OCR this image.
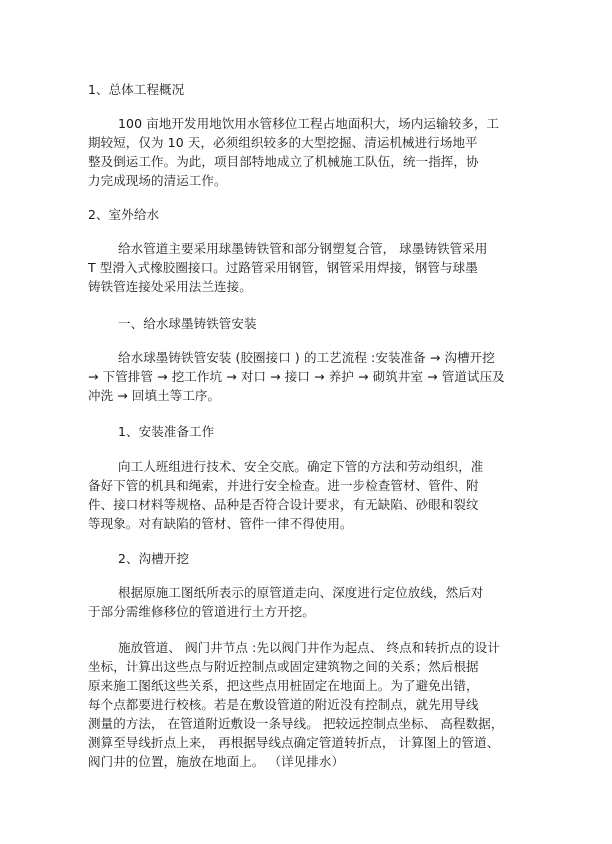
1、总体工程概况

100 亩地开发用地饮用水管移位工程占地面积大，场内运输较多，工

期较短，仅为 10 天，必须组织较多的大型挖掘、清运机械进行场地平

整及倒运工作。为此，项目部特地成立了机械施工队伍，统一指挥，协

力完成现场的清运工作。

2、室外给水

给水管道主要采用球墨铸铁管和部分钢塑复合管， 球墨铸铁管采用

T 型滑入式橡胶圈接口。过路管采用钢管，钢管采用焊接，钢管与球墨

铸铁管连接处采用法兰连接。

一、给水球墨铸铁管安装

给水球墨铸铁管安装 (胶圈接口 ) 的工艺流程 :安装准备 → 沟槽开挖

→ 下管排管 → 挖工作坑 → 对口 → 接口 → 养护 → 砌筑井室 → 管道试压及

冲洗 → 回填土等工序。

1、安装准备工作

向工人班组进行技术、安全交底。确定下管的方法和劳动组织，准

备好下管的机具和绳索，并进行安全检查。进一步检查管材、管件、附

件、接口材料等规格、品种是否符合设计要求，有无缺陷、砂眼和裂纹

等现象。对有缺陷的管材、管件一律不得使用。

2、沟槽开挖

根据原施工图纸所表示的原管道走向、深度进行定位放线，然后对

于部分需维修移位的管道进行土方开挖。

施放管道、 阀门井节点 :先以阀门井作为起点、 终点和转折点的设计

坐标，计算出这些点与附近控制点或固定建筑物之间的关系；然后根据

原来施工图纸这些关系，把这些点用桩固定在地面上。为了避免出错，

每个点都要进行校核。若是在敷设管道的附近没有控制点，就先用导线

测量的方法， 在管道附近敷设一条导线。 把较远控制点坐标、 高程数据，

测算至导线折点上来， 再根据导线点确定管道转折点， 计算图上的管道、

阀门井的位置，施放在地面上。 （详见排水）
